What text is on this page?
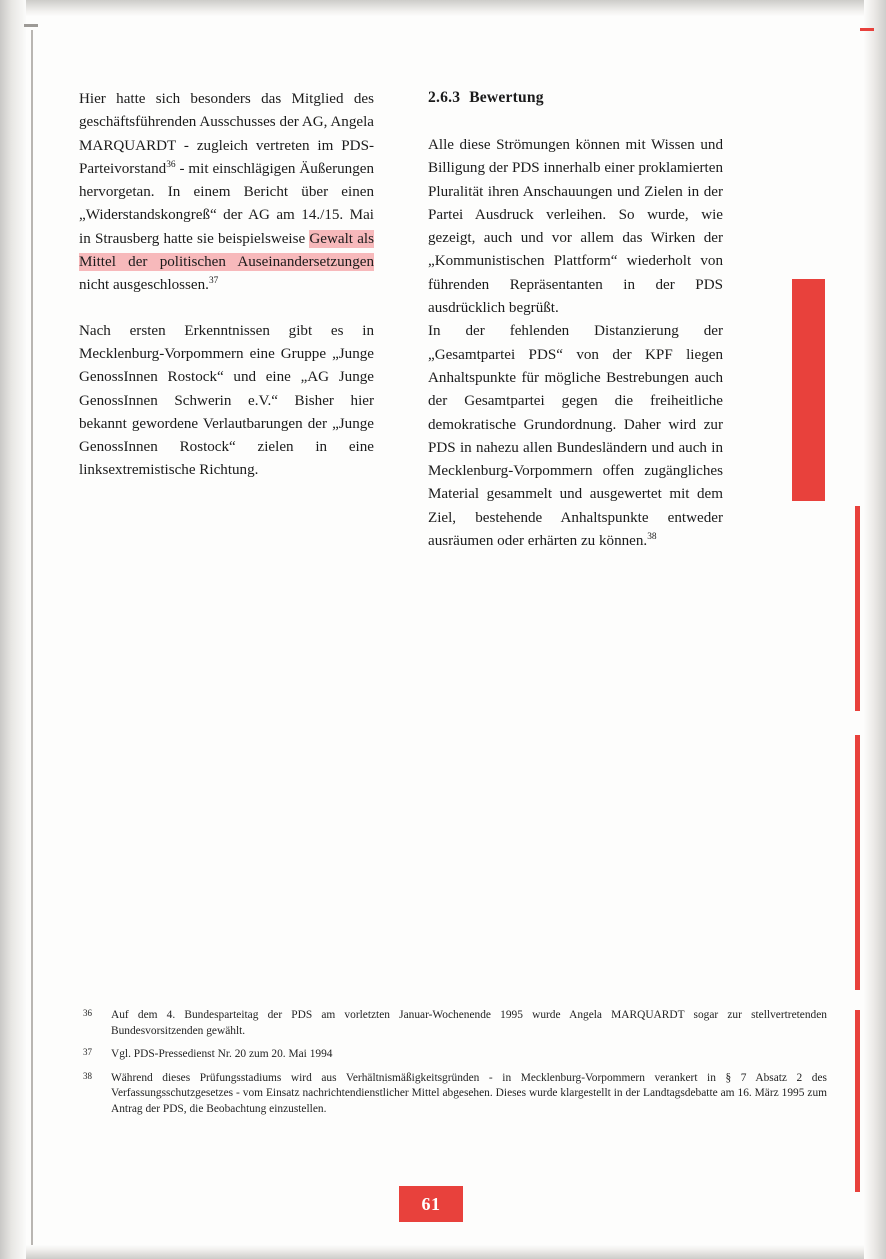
Hier hatte sich besonders das Mitglied des geschäftsführenden Ausschusses der AG, Angela MARQUARDT - zugleich vertreten im PDS-Parteivorstand$^{36}$ - mit einschlägigen Äußerungen hervorgetan. In einem Bericht über einen „Widerstandskongreß“ der AG am 14./15. Mai in Strausberg hatte sie beispielsweise Gewalt als Mittel der politischen Auseinandersetzungen nicht ausgeschlossen.$^{37}$

Nach ersten Erkenntnissen gibt es in Mecklenburg-Vorpommern eine Gruppe „Junge GenossInnen Rostock“ und eine „AG Junge GenossInnen Schwerin e.V.“ Bisher hier bekannt gewordene Verlautbarungen der „Junge GenossInnen Rostock“ zielen in eine linksextremistische Richtung.

2.6.3 Bewertung

Alle diese Strömungen können mit Wissen und Billigung der PDS innerhalb einer proklamierten Pluralität ihren Anschauungen und Zielen in der Partei Ausdruck verleihen. So wurde, wie gezeigt, auch und vor allem das Wirken der „Kommunistischen Plattform“ wiederholt von führenden Repräsentanten in der PDS ausdrücklich begrüßt.

In der fehlenden Distanzierung der „Gesamtpartei PDS“ von der KPF liegen Anhaltspunkte für mögliche Bestrebungen auch der Gesamtpartei gegen die freiheitliche demokratische Grundordnung. Daher wird zur PDS in nahezu allen Bundesländern und auch in Mecklenburg-Vorpommern offen zugängliches Material gesammelt und ausgewertet mit dem Ziel, bestehende Anhaltspunkte entweder ausräumen oder erhärten zu können.$^{38}$

36 Auf dem 4. Bundesparteitag der PDS am vorletzten Januar-Wochenende 1995 wurde Angela MARQUARDT sogar zur stellvertretenden Bundesvorsitzenden gewählt.
37 Vgl. PDS-Pressedienst Nr. 20 zum 20. Mai 1994
38 Während dieses Prüfungsstadiums wird aus Verhältnismäßigkeitsgründen - in Mecklenburg-Vorpommern verankert in § 7 Absatz 2 des Verfassungsschutzgesetzes - vom Einsatz nachrichtendienstlicher Mittel abgesehen. Dieses wurde klargestellt in der Landtagsdebatte am 16. März 1995 zum Antrag der PDS, die Beobachtung einzustellen.
61
